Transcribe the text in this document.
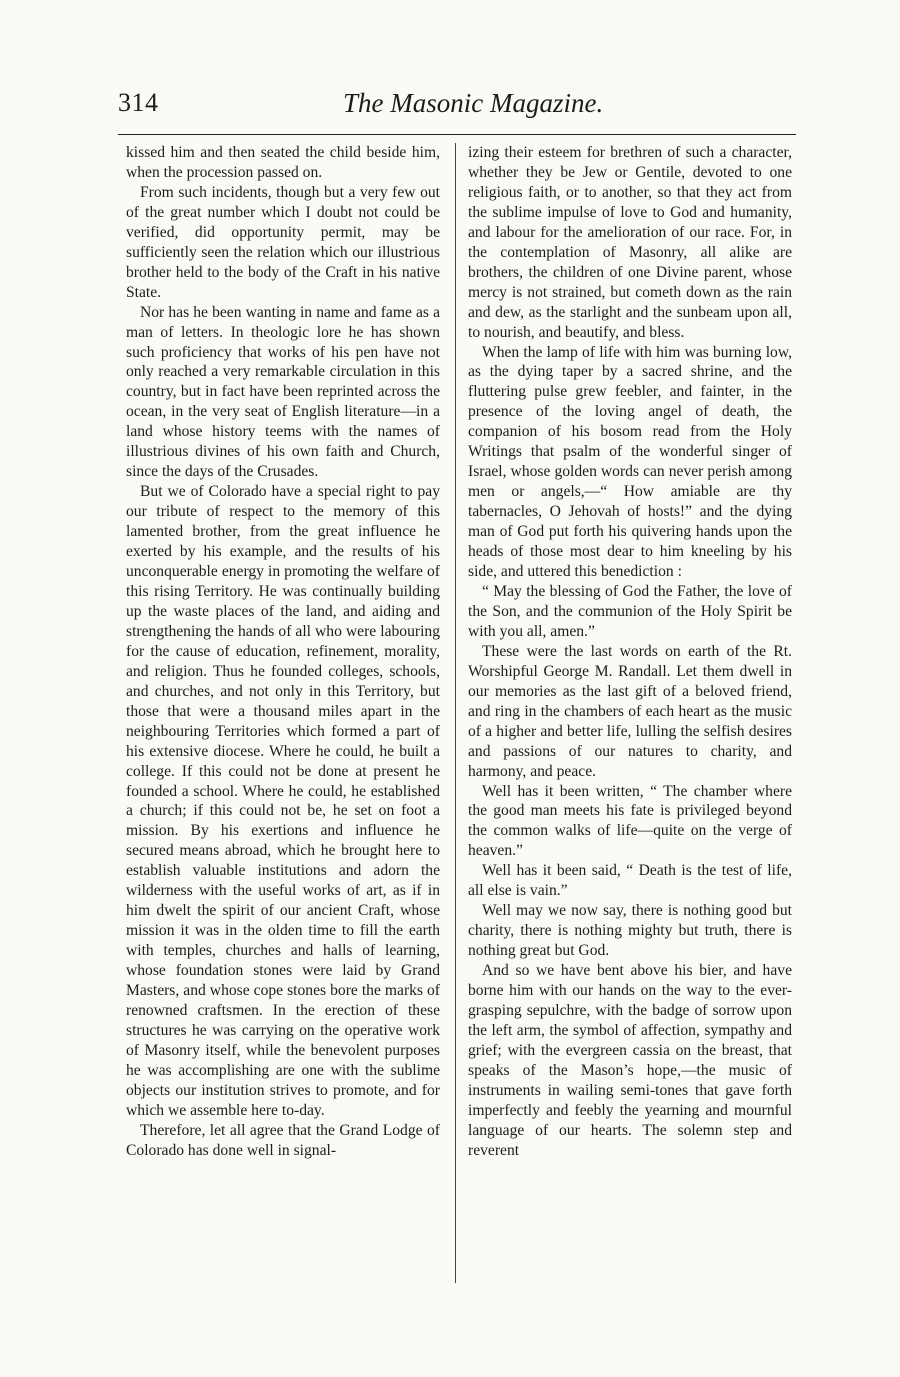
314	The Masonic Magazine.

kissed him and then seated the child beside him, when the procession passed on.

From such incidents, though but a very few out of the great number which I doubt not could be verified, did opportunity permit, may be sufficiently seen the relation which our illustrious brother held to the body of the Craft in his native State.

Nor has he been wanting in name and fame as a man of letters. In theologic lore he has shown such proficiency that works of his pen have not only reached a very remarkable circulation in this country, but in fact have been reprinted across the ocean, in the very seat of English literature—in a land whose history teems with the names of illustrious divines of his own faith and Church, since the days of the Crusades.

But we of Colorado have a special right to pay our tribute of respect to the memory of this lamented brother, from the great influence he exerted by his example, and the results of his unconquerable energy in promoting the welfare of this rising Territory. He was continually building up the waste places of the land, and aiding and strengthening the hands of all who were labouring for the cause of education, refinement, morality, and religion. Thus he founded colleges, schools, and churches, and not only in this Territory, but those that were a thousand miles apart in the neighbouring Territories which formed a part of his extensive diocese. Where he could, he built a college. If this could not be done at present he founded a school. Where he could, he established a church; if this could not be, he set on foot a mission. By his exertions and influence he secured means abroad, which he brought here to establish valuable institutions and adorn the wilderness with the useful works of art, as if in him dwelt the spirit of our ancient Craft, whose mission it was in the olden time to fill the earth with temples, churches and halls of learning, whose foundation stones were laid by Grand Masters, and whose cope stones bore the marks of renowned craftsmen. In the erection of these structures he was carrying on the operative work of Masonry itself, while the benevolent purposes he was accomplishing are one with the sublime objects our institution strives to promote, and for which we assemble here to-day.

Therefore, let all agree that the Grand Lodge of Colorado has done well in signal-

izing their esteem for brethren of such a character, whether they be Jew or Gentile, devoted to one religious faith, or to another, so that they act from the sublime impulse of love to God and humanity, and labour for the amelioration of our race. For, in the contemplation of Masonry, all alike are brothers, the children of one Divine parent, whose mercy is not strained, but cometh down as the rain and dew, as the starlight and the sunbeam upon all, to nourish, and beautify, and bless.

When the lamp of life with him was burning low, as the dying taper by a sacred shrine, and the fluttering pulse grew feebler, and fainter, in the presence of the loving angel of death, the companion of his bosom read from the Holy Writings that psalm of the wonderful singer of Israel, whose golden words can never perish among men or angels,—“ How amiable are thy tabernacles, O Jehovah of hosts!” and the dying man of God put forth his quivering hands upon the heads of those most dear to him kneeling by his side, and uttered this benediction :

“ May the blessing of God the Father, the love of the Son, and the communion of the Holy Spirit be with you all, amen.”

These were the last words on earth of the Rt. Worshipful George M. Randall. Let them dwell in our memories as the last gift of a beloved friend, and ring in the chambers of each heart as the music of a higher and better life, lulling the selfish desires and passions of our natures to charity, and harmony, and peace.

Well has it been written, “ The chamber where the good man meets his fate is privileged beyond the common walks of life—quite on the verge of heaven.”

Well has it been said, “ Death is the test of life, all else is vain.”

Well may we now say, there is nothing good but charity, there is nothing mighty but truth, there is nothing great but God.

And so we have bent above his bier, and have borne him with our hands on the way to the ever-grasping sepulchre, with the badge of sorrow upon the left arm, the symbol of affection, sympathy and grief; with the evergreen cassia on the breast, that speaks of the Mason’s hope,—the music of instruments in wailing semi-tones that gave forth imperfectly and feebly the yearning and mournful language of our hearts. The solemn step and reverent
